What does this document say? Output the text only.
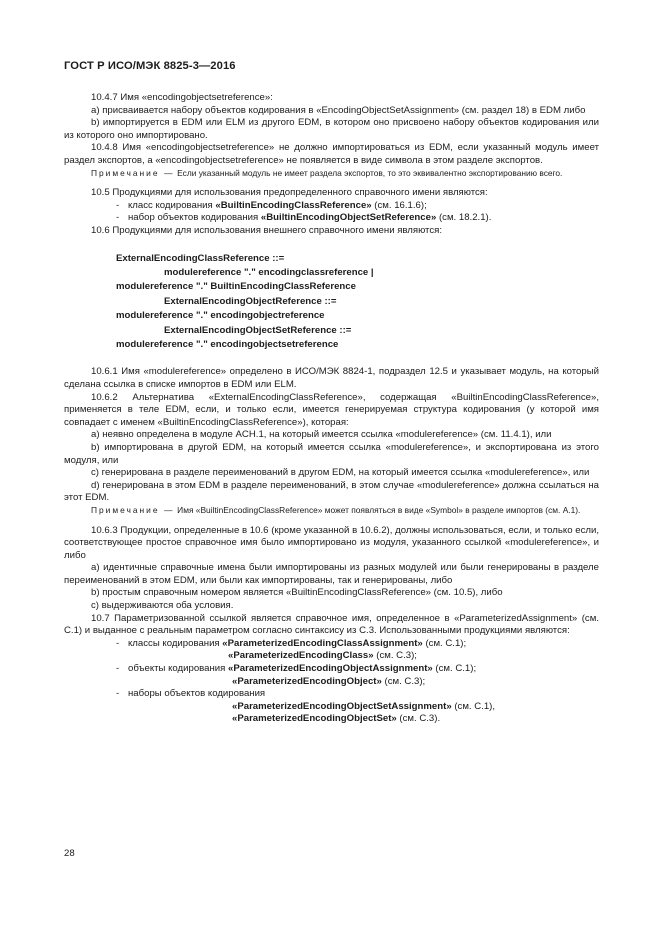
ГОСТ Р ИСО/МЭК 8825-3—2016

10.4.7 Имя «encodingobjectsetreference»:

а) присваивается набору объектов кодирования в «EncodingObjectSetAssignment» (см. раздел 18) в EDM либо

b) импортируется в EDM или ELM из другого EDM, в котором оно присвоено набору объектов кодирования или из которого оно импортировано.

10.4.8 Имя «encodingobjectsetreference» не должно импортироваться из EDM, если указанный модуль имеет раздел экспортов, а «encodingobjectsetreference» не появляется в виде символа в этом разделе экспортов.

Примечание — Если указанный модуль не имеет раздела экспортов, то это эквивалентно экспортированию всего.

10.5 Продукциями для использования предопределенного справочного имени являются:

- класс кодирования «BuiltinEncodingClassReference» (см. 16.1.6);

- набор объектов кодирования «BuiltinEncodingObjectSetReference» (см. 18.2.1).

10.6 Продукциями для использования внешнего справочного имени являются:

ExternalEncodingClassReference ::=
modulereference "." encodingclassreference |
modulereference "." BuiltinEncodingClassReference
ExternalEncodingObjectReference ::=
modulereference "." encodingobjectreference
ExternalEncodingObjectSetReference ::=
modulereference "." encodingobjectsetreference

10.6.1 Имя «modulereference» определено в ИСО/МЭК 8824-1, подраздел 12.5 и указывает модуль, на который сделана ссылка в списке импортов в EDM или ELM.

10.6.2 Альтернатива «ExternalEncodingClassReference», содержащая «BuiltinEncodingClassReference», применяется в теле EDM, если, и только если, имеется генерируемая структура кодирования (у которой имя совпадает с именем «BuiltinEncodingClassReference»), которая:

а) неявно определена в модуле ACH.1, на который имеется ссылка «modulereference» (см. 11.4.1), или

b) импортирована в другой EDM, на который имеется ссылка «modulereference», и экспортирована из этого модуля, или

c) генерирована в разделе переименований в другом EDM, на который имеется ссылка «modulereference», или

d) генерирована в этом EDM в разделе переименований, в этом случае «modulereference» должна ссылаться на этот EDM.

Примечание — Имя «BuiltinEncodingClassReference» может появляться в виде «Symbol» в разделе импортов (см. A.1).

10.6.3 Продукции, определенные в 10.6 (кроме указанной в 10.6.2), должны использоваться, если, и только если, соответствующее простое справочное имя было импортировано из модуля, указанного ссылкой «modulereference», и либо

а) идентичные справочные имена были импортированы из разных модулей или были генерированы в разделе переименований в этом EDM, или были как импортированы, так и генерированы, либо

b) простым справочным номером является «BuiltinEncodingClassReference» (см. 10.5), либо

c) выдерживаются оба условия.

10.7 Параметризованной ссылкой является справочное имя, определенное в «ParameterizedAssignment» (см. С.1) и выданное с реальным параметром согласно синтаксису из С.3. Использованными продукциями являются:

- классы кодирования «ParameterizedEncodingClassAssignment» (см. С.1);

«ParameterizedEncodingClass» (см. С.3);

- объекты кодирования «ParameterizedEncodingObjectAssignment» (см. С.1);

«ParameterizedEncodingObject» (см. С.3);

- наборы объектов кодирования

«ParameterizedEncodingObjectSetAssignment» (см. С.1),

«ParameterizedEncodingObjectSet» (см. С.3).

28
